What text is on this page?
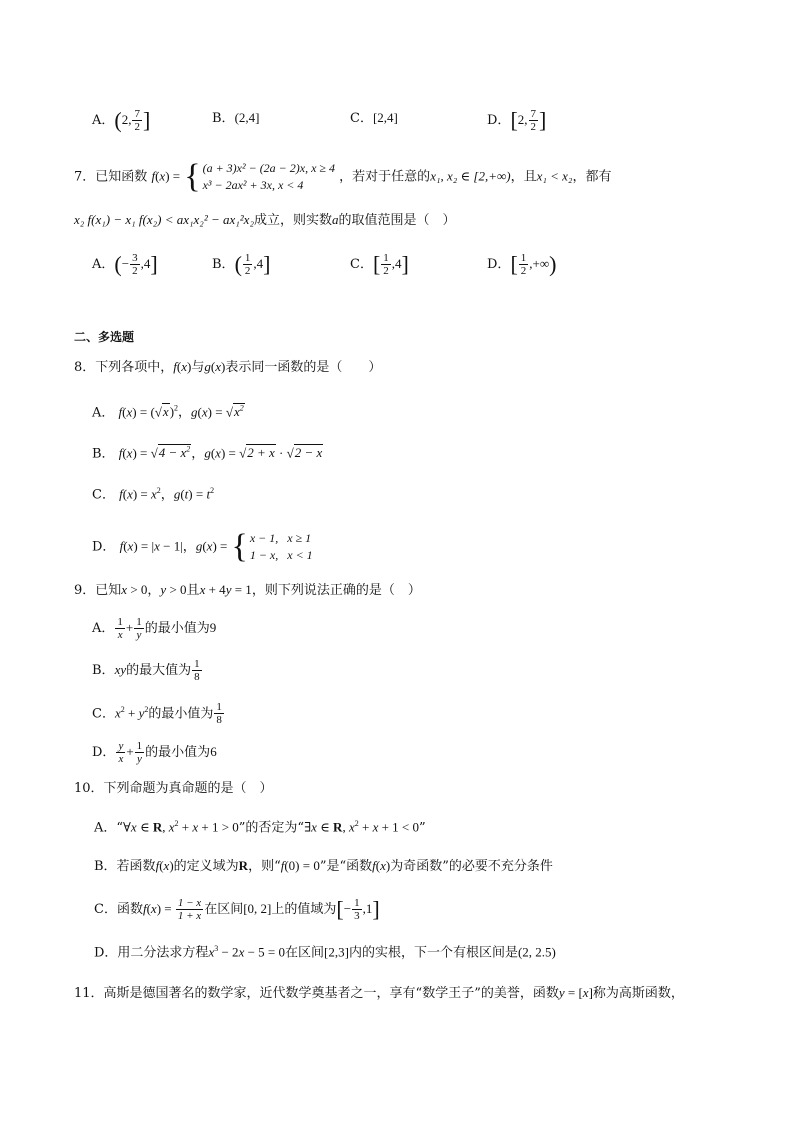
A．(2, $\frac{7}{2}$ ]	B．(2,4]	C．[2,4]	D．[2, $\frac{7}{2}$ ]
7．已知函数 f(x) = { (a + 3)x² − (2a − 2)x, x ≥ 4
x³ − 2ax² + 3x, x < 4
，若对于任意的x₁, x₂ ∈ [2,+∞)，且x₁ < x₂，都有
x₂ f(x₁) − x₁ f(x₂) < ax₁x₂² − ax₁²x₂成立，则实数a的取值范围是（　）
A．(− $\frac{3}{2} ,4$]	B．( $\frac{1}{2} ,4$]	C．[ $\frac{1}{2} ,4$]	D．[ $\frac{1}{2}$ ,+∞)
二、多选题
8．下列各项中，f(x)与g(x)表示同一函数的是（　　）
A． $f(x) = (√x)^2$，$g(x) = √x^2$
B． $f(x) = √4 - x^2$，g(x) = √2 + x · √2 − x
C． $f(x) = x^2$，$g(t) = t^2$
D． f(x) = |x − 1|，g(x) = { x − 1,   x ≥ 1
1 − x,   x < 1
9．已知x > 0，y > 0且x + 4y = 1，则下列说法正确的是（　）
A． $\frac{1}{x} + \frac{1}{y}$ 的最小值为9
B．xy的最大值为 $\frac{1}{8}$
C．$x^2 + y^2$的最小值为 $\frac{1}{8}$
D． $\frac{y}{x} + \frac{1}{y}$ 的最小值为6
10．下列命题为真命题的是（　）
A．“∀x ∈ R, $x^2 + x + 1 > 0$”的否定为“∃x ∈ R, $x^2 + x + 1 < 0$”
B．若函数f(x)的定义域为R，则“f(0) = 0”是“函数f(x)为奇函数”的必要不充分条件
C．函数$f(x) = \frac{1 - x}{1 + x}$ 在区间[0, 2]上的值域为[− $\frac{1}{3} ,1$]
D．用二分法求方程$x^3 - 2x - 5 = 0$在区间[2,3]内的实根，下一个有根区间是(2, 2.5)
11．高斯是德国著名的数学家，近代数学奠基者之一，享有“数学王子”的美誉，函数y = [x]称为高斯函数，
